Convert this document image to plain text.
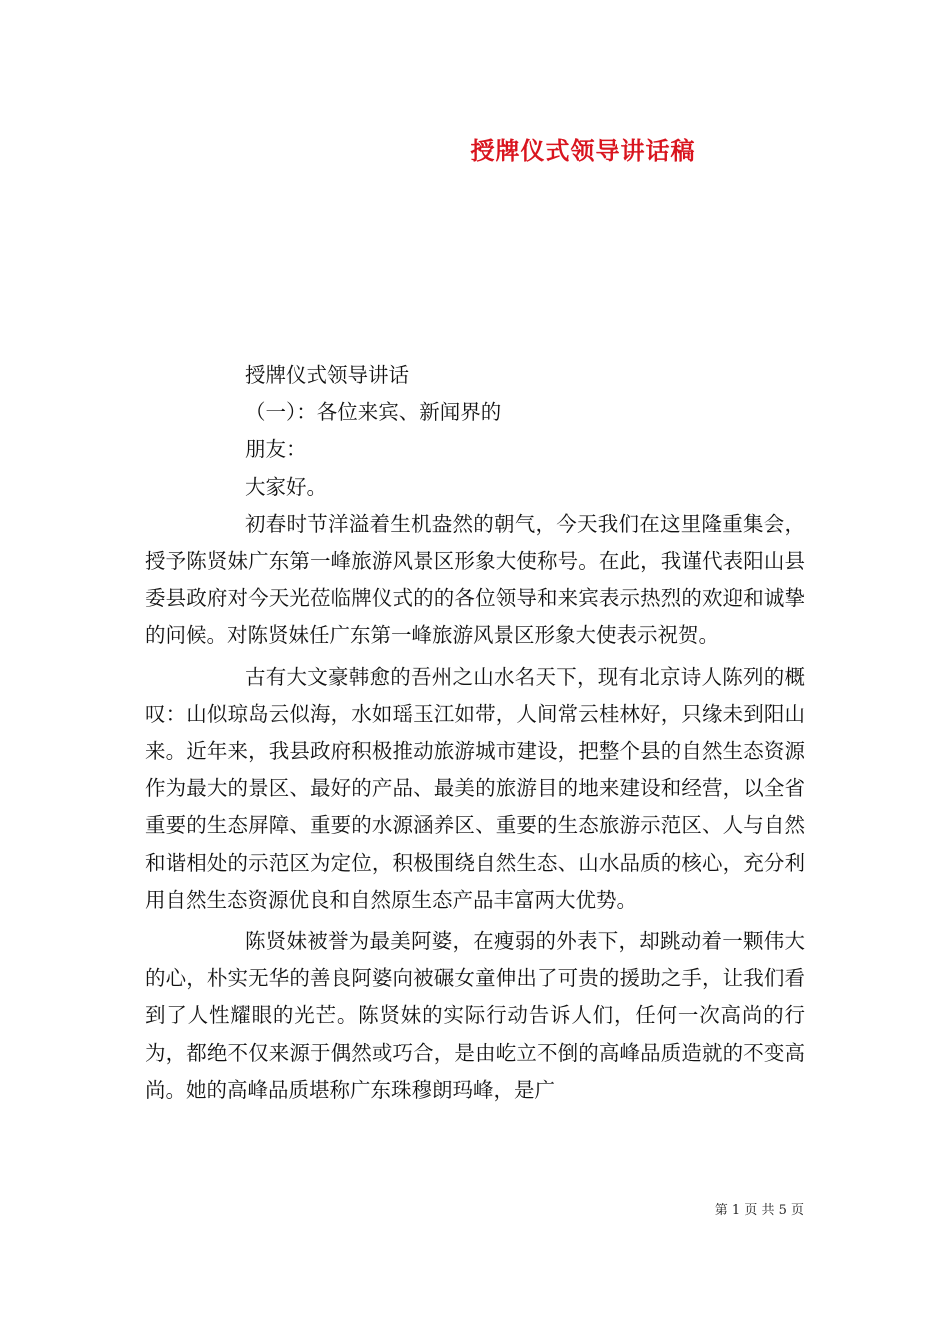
授牌仪式领导讲话稿

授牌仪式领导讲话

（一）：各位来宾、新闻界的

朋友：

大家好。

初春时节洋溢着生机盎然的朝气，今天我们在这里隆重集会，授予陈贤妹广东第一峰旅游风景区形象大使称号。在此，我谨代表阳山县委县政府对今天光莅临牌仪式的的各位领导和来宾表示热烈的欢迎和诚挚的问候。对陈贤妹任广东第一峰旅游风景区形象大使表示祝贺。

古有大文豪韩愈的吾州之山水名天下，现有北京诗人陈列的概叹：山似琼岛云似海，水如瑶玉江如带，人间常云桂林好，只缘未到阳山来。近年来，我县政府积极推动旅游城市建设，把整个县的自然生态资源作为最大的景区、最好的产品、最美的旅游目的地来建设和经营，以全省重要的生态屏障、重要的水源涵养区、重要的生态旅游示范区、人与自然和谐相处的示范区为定位，积极围绕自然生态、山水品质的核心，充分利用自然生态资源优良和自然原生态产品丰富两大优势。

陈贤妹被誉为最美阿婆，在瘦弱的外表下，却跳动着一颗伟大的心，朴实无华的善良阿婆向被碾女童伸出了可贵的援助之手，让我们看到了人性耀眼的光芒。陈贤妹的实际行动告诉人们，任何一次高尚的行为，都绝不仅来源于偶然或巧合，是由屹立不倒的高峰品质造就的不变高尚。她的高峰品质堪称广东珠穆朗玛峰，是广

第 1 页 共 5 页
